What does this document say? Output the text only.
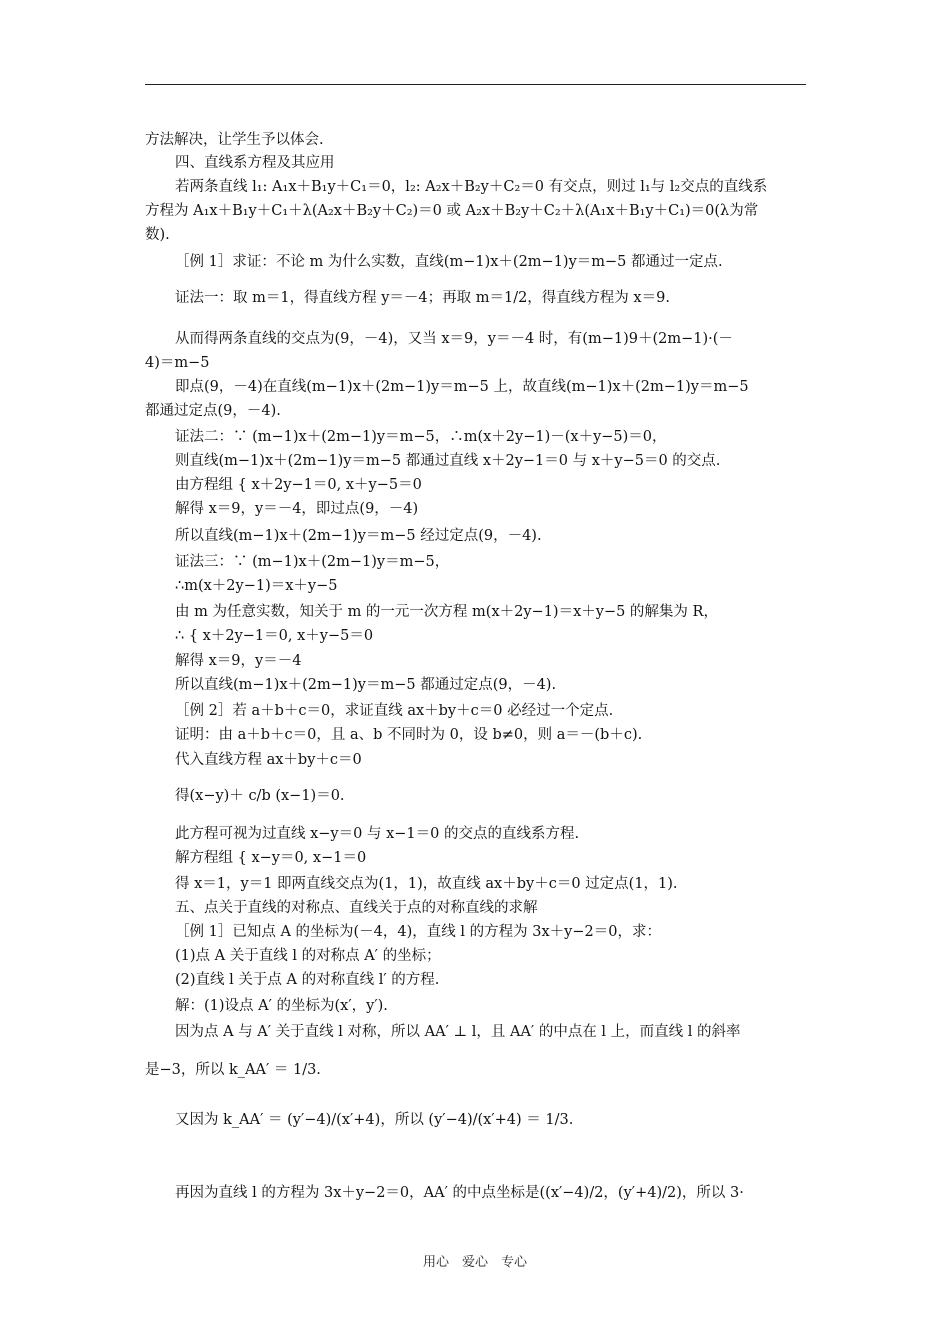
方法解决，让学生予以体会.
四、直线系方程及其应用
若两条直线 l₁: A₁x＋B₁y＋C₁＝0，l₂: A₂x＋B₂y＋C₂＝0 有交点，则过 l₁与 l₂交点的直线系
方程为 A₁x＋B₁y＋C₁＋λ(A₂x＋B₂y＋C₂)＝0 或 A₂x＋B₂y＋C₂＋λ(A₁x＋B₁y＋C₁)＝0(λ为常
数).
［例 1］求证：不论 m 为什么实数，直线(m−1)x＋(2m−1)y＝m−5 都通过一定点.
证法一：取 m＝1，得直线方程 y＝－4；再取 m＝1/2，得直线方程为 x＝9.
从而得两条直线的交点为(9，－4)，又当 x＝9，y＝－4 时，有(m−1)9＋(2m−1)·(－
4)＝m−5
即点(9，－4)在直线(m−1)x＋(2m−1)y＝m−5 上，故直线(m−1)x＋(2m−1)y＝m−5
都通过定点(9，－4).
证法二：∵ (m−1)x＋(2m−1)y＝m−5，∴m(x＋2y−1)－(x＋y−5)＝0，
则直线(m−1)x＋(2m−1)y＝m−5 都通过直线 x＋2y−1＝0 与 x＋y−5＝0 的交点.
由方程组 { x＋2y−1＝0, x＋y−5＝0
解得 x＝9，y＝－4，即过点(9，－4)
所以直线(m−1)x＋(2m−1)y＝m−5 经过定点(9，－4).
证法三：∵ (m−1)x＋(2m−1)y＝m−5，
∴m(x＋2y−1)＝x＋y−5
由 m 为任意实数，知关于 m 的一元一次方程 m(x＋2y−1)＝x＋y−5 的解集为 R，
∴ { x＋2y−1＝0, x＋y−5＝0
解得 x＝9，y＝－4
所以直线(m−1)x＋(2m−1)y＝m−5 都通过定点(9，－4).
［例 2］若 a＋b＋c＝0，求证直线 ax＋by＋c＝0 必经过一个定点.
证明：由 a＋b＋c＝0，且 a、b 不同时为 0，设 b≠0，则 a＝－(b＋c).
代入直线方程 ax＋by＋c＝0
得(x−y)＋ c/b (x−1)＝0.
此方程可视为过直线 x−y＝0 与 x−1＝0 的交点的直线系方程.
解方程组 { x−y＝0, x−1＝0
得 x＝1，y＝1 即两直线交点为(1，1)，故直线 ax＋by＋c＝0 过定点(1，1).
五、点关于直线的对称点、直线关于点的对称直线的求解
［例 1］已知点 A 的坐标为(－4，4)，直线 l 的方程为 3x＋y−2＝0，求：
(1)点 A 关于直线 l 的对称点 A′ 的坐标；
(2)直线 l 关于点 A 的对称直线 l′ 的方程.
解：(1)设点 A′ 的坐标为(x′，y′).
因为点 A 与 A′ 关于直线 l 对称，所以 AA′ ⊥ l，且 AA′ 的中点在 l 上，而直线 l 的斜率
是−3，所以 k_AA′ ＝ 1/3.
又因为 k_AA′ ＝ (y′−4)/(x′+4)，所以 (y′−4)/(x′+4) ＝ 1/3.
再因为直线 l 的方程为 3x＋y−2＝0，AA′ 的中点坐标是((x′−4)/2，(y′+4)/2)，所以 3·
用心　爱心　专心
